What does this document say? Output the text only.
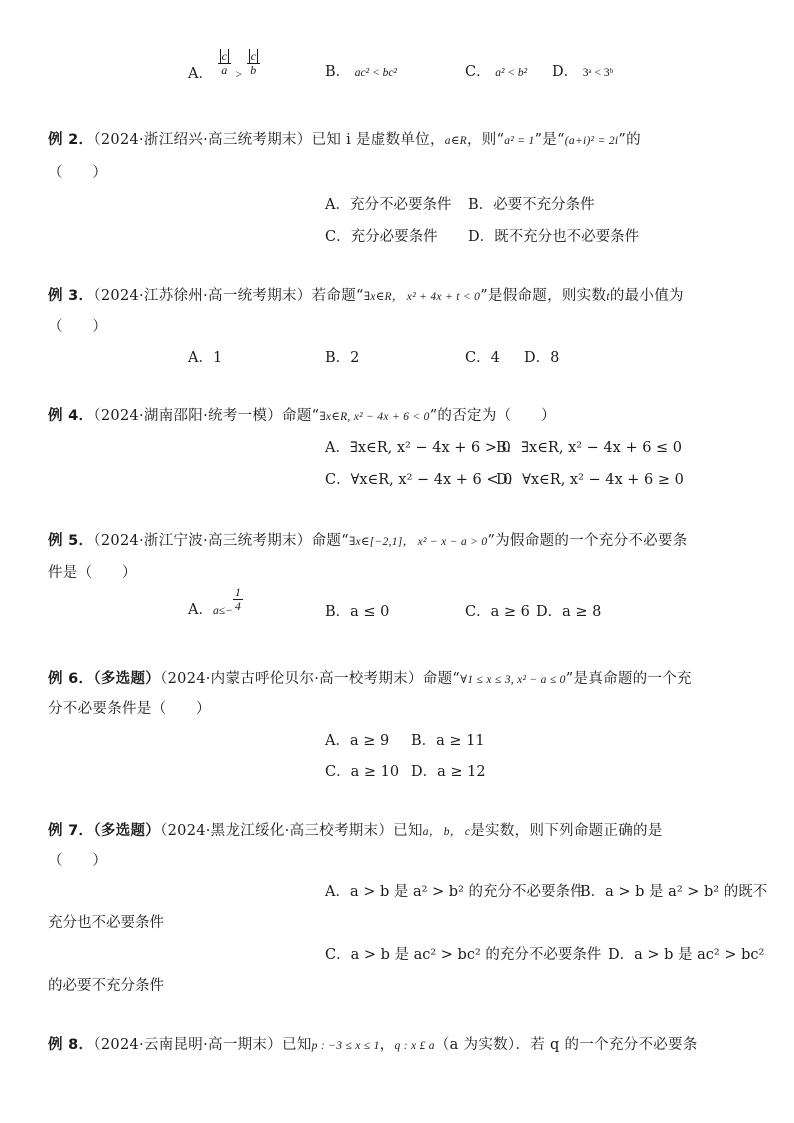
A． $\frac{c}{a} > \frac{c}{b}$	B． ac² < bc²	C． a² < b² D． 3ᵃ < 3ᵇ
例 2．（2024·浙江绍兴·高三统考期末）已知 i 是虚数单位，a∈R，则“a² = 1”是“(a+i)² = 2i”的
（　　）
A．充分不必要条件 B．必要不充分条件
C．充分必要条件 D．既不充分也不必要条件
例 3．（2024·江苏徐州·高一统考期末）若命题“∃x∈R， x² + 4x + t < 0”是假命题，则实数t的最小值为
（　　）
A．1	B．2	C．4 D．8
例 4．（2024·湖南邵阳·统考一模）命题“∃x∈R, x² − 4x + 6 < 0”的否定为（　　）
A．∃x∈R, x² − 4x + 6 > 0
B．∃x∈R, x² − 4x + 6 ≤ 0
C．∀x∈R, x² − 4x + 6 < 0
D．∀x∈R, x² − 4x + 6 ≥ 0
例 5．（2024·浙江宁波·高三统考期末）命题“∃x∈[−2,1]， x² − x − a > 0”为假命题的一个充分不必要条
件是（　　）
A．$a\le- \frac{1}{4}$	B．a ≤ 0	C．a ≥ 6 D．a ≥ 8
例 6．（多选题）（2024·内蒙古呼伦贝尔·高一校考期末）命题“∀1 ≤ x ≤ 3, x² − a ≤ 0”是真命题的一个充
分不必要条件是（　　）
A．a ≥ 9 B．a ≥ 11
C．a ≥ 10 D．a ≥ 12
例 7．（多选题）（2024·黑龙江绥化·高三校考期末）已知a， b， c是实数，则下列命题正确的是
（　　）
A．a > b 是 a² > b² 的充分不必要条件
B．a > b 是 a² > b² 的既不
充分也不必要条件
C．a > b 是 ac² > bc² 的充分不必要条件 D．a > b 是 ac² > bc²
的必要不充分条件
例 8．（2024·云南昆明·高一期末）已知p : −3 ≤ x ≤ 1，q : x £ a（a 为实数）．若 q 的一个充分不必要条
